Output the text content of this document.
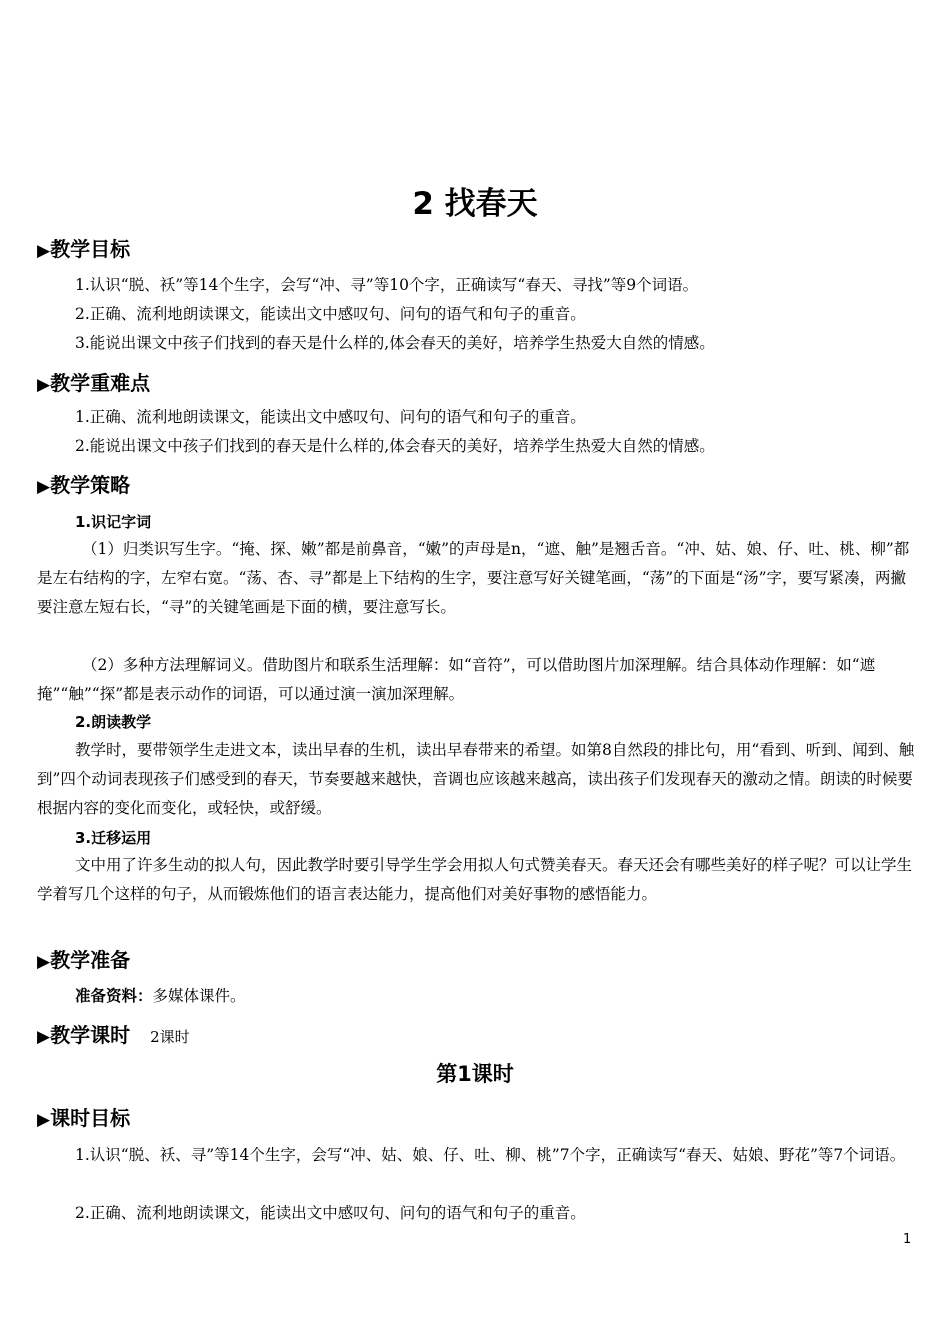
2 找春天
▶教学目标

1.认识“脱、袄”等14个生字，会写“冲、寻”等10个字，正确读写“春天、寻找”等9个词语。

2.正确、流利地朗读课文，能读出文中感叹句、问句的语气和句子的重音。

3.能说出课文中孩子们找到的春天是什么样的,体会春天的美好，培养学生热爱大自然的情感。

▶教学重难点

1.正确、流利地朗读课文，能读出文中感叹句、问句的语气和句子的重音。

2.能说出课文中孩子们找到的春天是什么样的,体会春天的美好，培养学生热爱大自然的情感。

▶教学策略
1.识记字词

（1）归类识写生字。“掩、探、嫩”都是前鼻音，“嫩”的声母是n，“遮、触”是翘舌音。“冲、姑、娘、仔、吐、桃、柳”都是左右结构的字，左窄右宽。“荡、杏、寻”都是上下结构的生字，要注意写好关键笔画，“荡”的下面是“汤”字，要写紧凑，两撇要注意左短右长，“寻”的关键笔画是下面的横，要注意写长。

（2）多种方法理解词义。借助图片和联系生活理解：如“音符”，可以借助图片加深理解。结合具体动作理解：如“遮掩”“触”“探”都是表示动作的词语，可以通过演一演加深理解。

2.朗读教学

教学时，要带领学生走进文本，读出早春的生机，读出早春带来的希望。如第8自然段的排比句，用“看到、听到、闻到、触到”四个动词表现孩子们感受到的春天，节奏要越来越快，音调也应该越来越高，读出孩子们发现春天的激动之情。朗读的时候要根据内容的变化而变化，或轻快，或舒缓。

3.迁移运用

文中用了许多生动的拟人句，因此教学时要引导学生学会用拟人句式赞美春天。春天还会有哪些美好的样子呢？可以让学生学着写几个这样的句子，从而锻炼他们的语言表达能力，提高他们对美好事物的感悟能力。

▶教学准备

准备资料：多媒体课件。

▶教学课时 2课时
第1课时
▶课时目标

1.认识“脱、袄、寻”等14个生字，会写“冲、姑、娘、仔、吐、柳、桃”7个字，正确读写“春天、姑娘、野花”等7个词语。

2.正确、流利地朗读课文，能读出文中感叹句、问句的语气和句子的重音。

1
